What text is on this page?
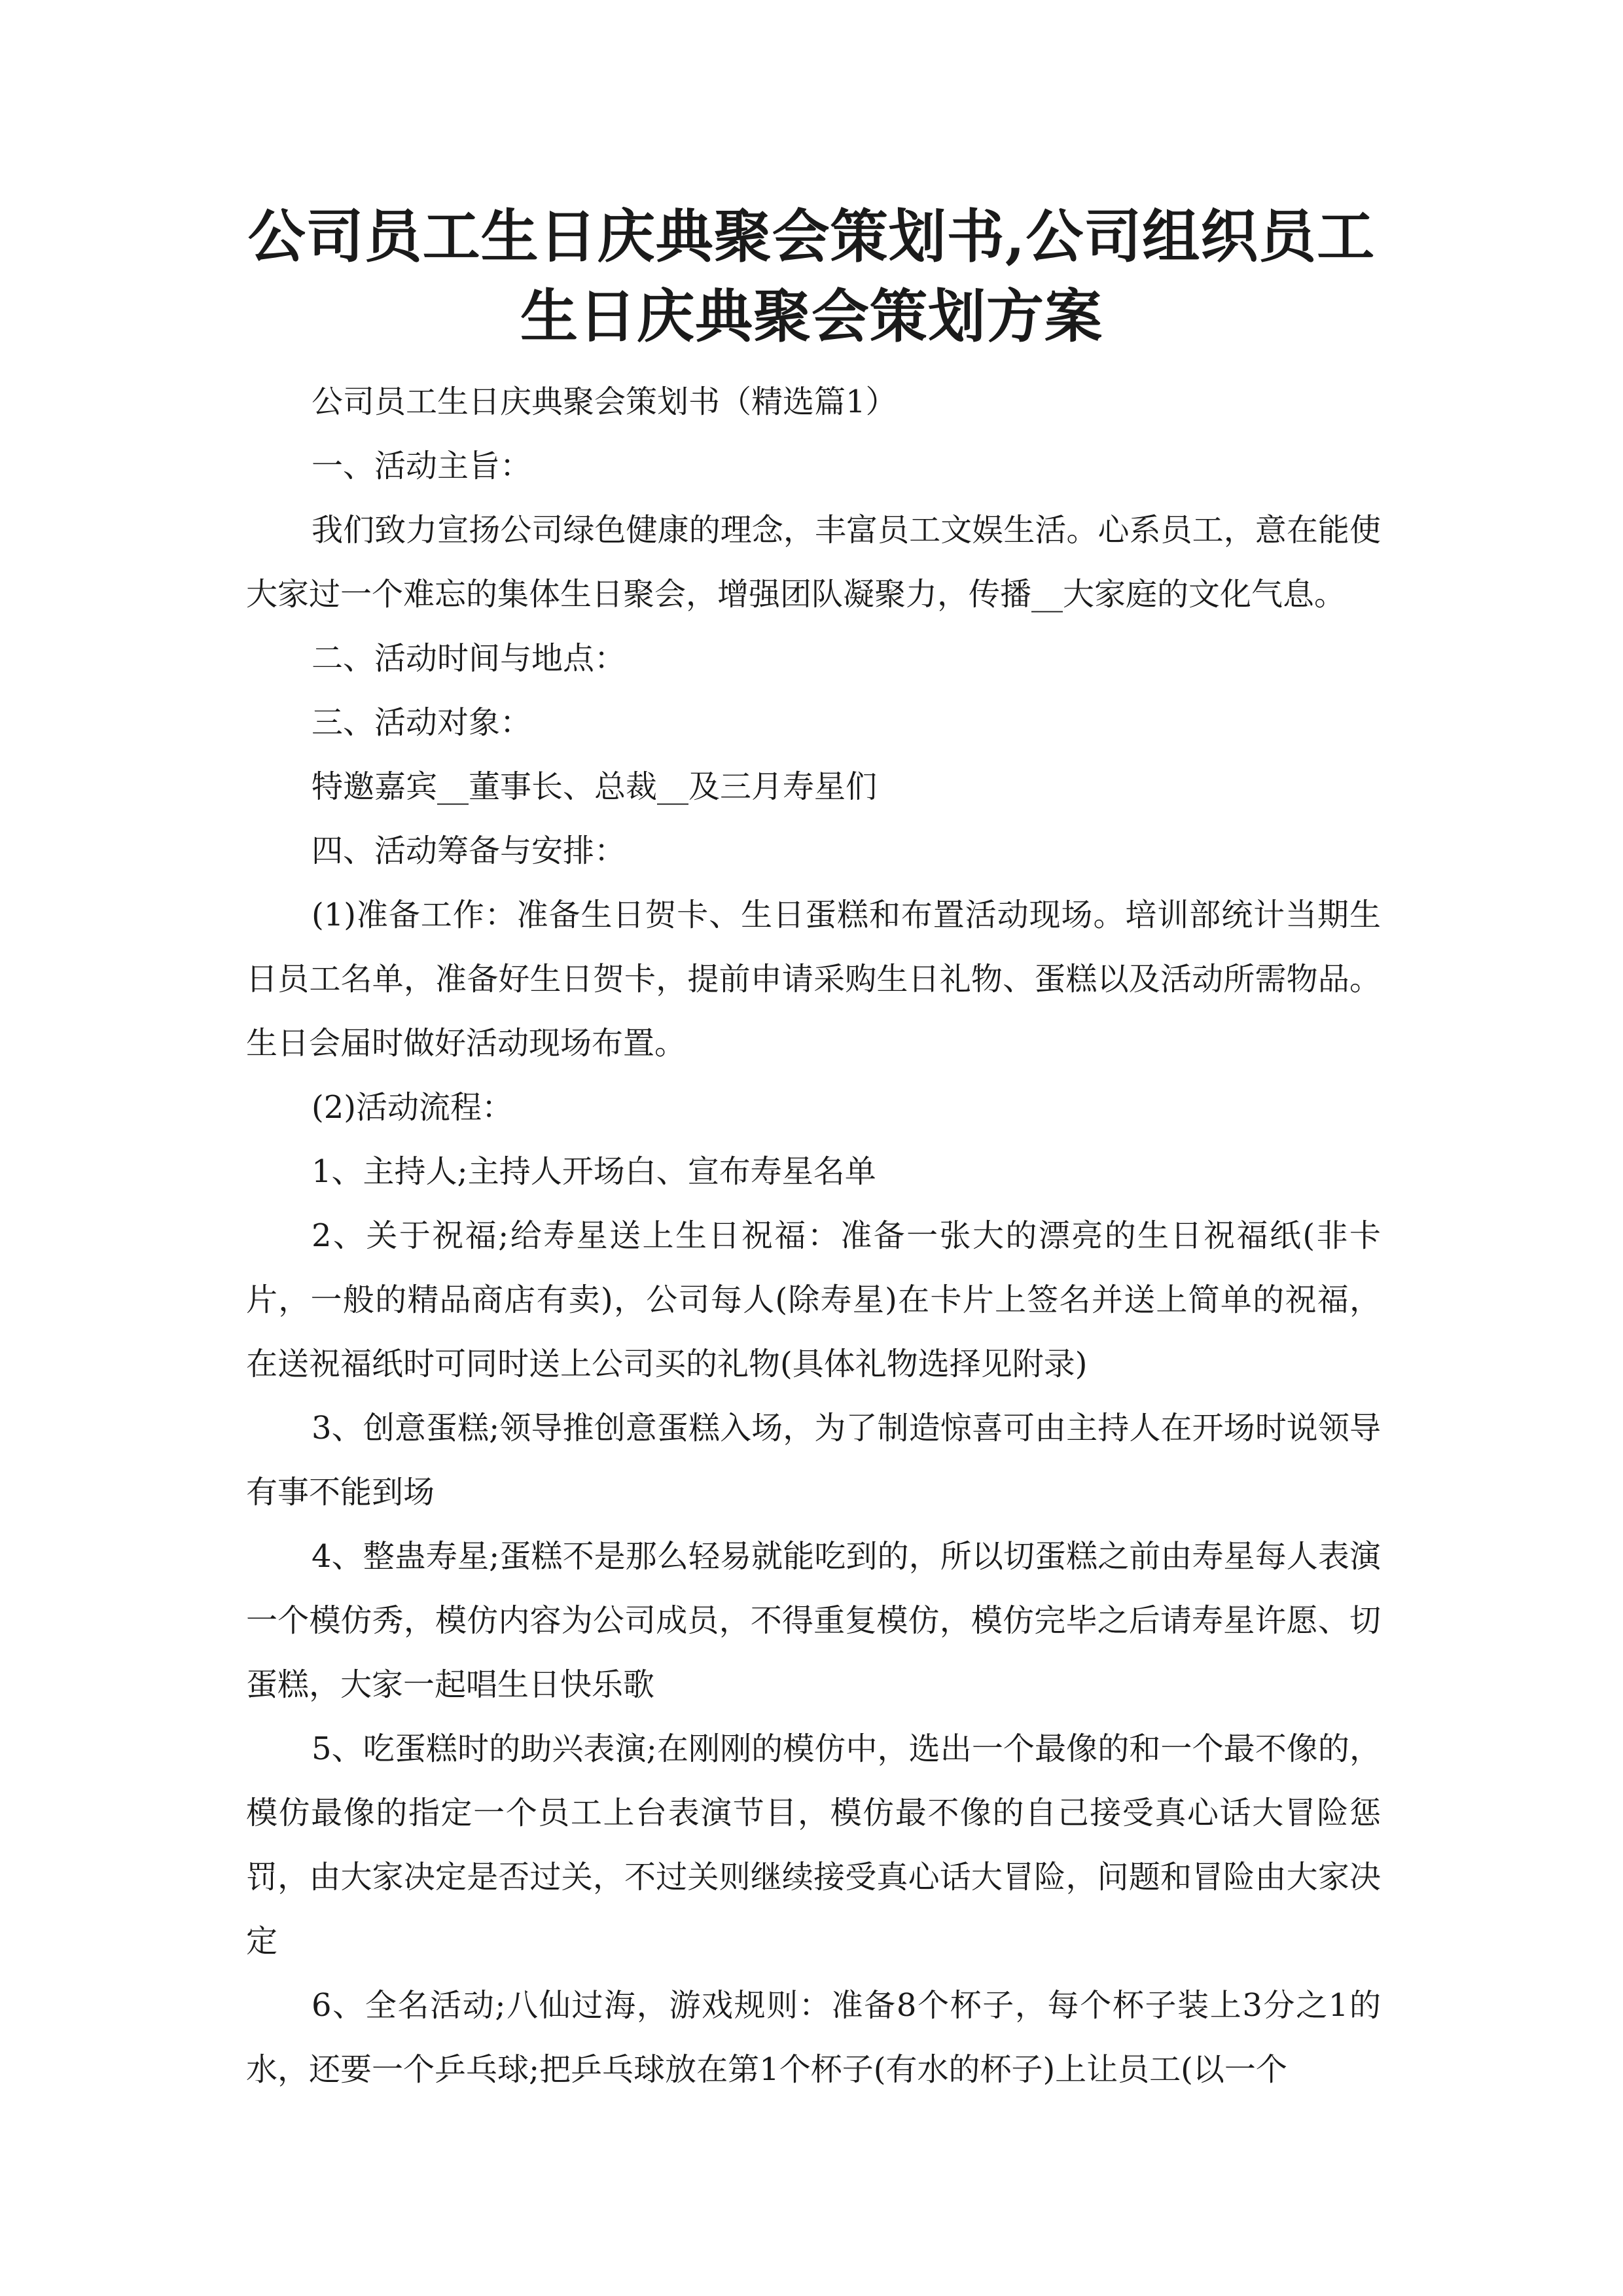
公司员工生日庆典聚会策划书,公司组织员工生日庆典聚会策划方案

公司员工生日庆典聚会策划书（精选篇1）

一、活动主旨：

我们致力宣扬公司绿色健康的理念，丰富员工文娱生活。心系员工，意在能使大家过一个难忘的集体生日聚会，增强团队凝聚力，传播__大家庭的文化气息。

二、活动时间与地点：

三、活动对象：

特邀嘉宾__董事长、总裁__及三月寿星们

四、活动筹备与安排：

(1)准备工作：准备生日贺卡、生日蛋糕和布置活动现场。培训部统计当期生日员工名单，准备好生日贺卡，提前申请采购生日礼物、蛋糕以及活动所需物品。生日会届时做好活动现场布置。

(2)活动流程：

1、主持人;主持人开场白、宣布寿星名单

2、关于祝福;给寿星送上生日祝福：准备一张大的漂亮的生日祝福纸(非卡片，一般的精品商店有卖)，公司每人(除寿星)在卡片上签名并送上简单的祝福，在送祝福纸时可同时送上公司买的礼物(具体礼物选择见附录)

3、创意蛋糕;领导推创意蛋糕入场，为了制造惊喜可由主持人在开场时说领导有事不能到场

4、整蛊寿星;蛋糕不是那么轻易就能吃到的，所以切蛋糕之前由寿星每人表演一个模仿秀，模仿内容为公司成员，不得重复模仿，模仿完毕之后请寿星许愿、切蛋糕，大家一起唱生日快乐歌

5、吃蛋糕时的助兴表演;在刚刚的模仿中，选出一个最像的和一个最不像的，模仿最像的指定一个员工上台表演节目，模仿最不像的自己接受真心话大冒险惩罚，由大家决定是否过关，不过关则继续接受真心话大冒险，问题和冒险由大家决定

6、全名活动;八仙过海，游戏规则：准备8个杯子，每个杯子装上3分之1的水，还要一个乒乓球;把乒乓球放在第1个杯子(有水的杯子)上让员工(以一个
